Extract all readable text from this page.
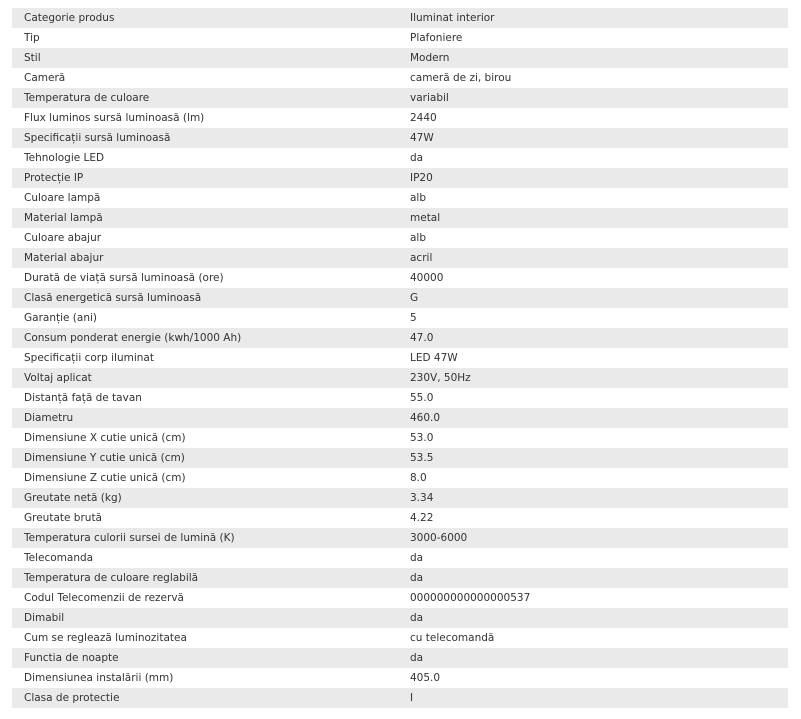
Categorie produs	Iluminat interior
Tip	Plafoniere
Stil	Modern
Cameră	cameră de zi, birou
Temperatura de culoare	variabil
Flux luminos sursă luminoasă (lm)	2440
Specificații sursă luminoasă	47W
Tehnologie LED	da
Protecție IP	IP20
Culoare lampă	alb
Material lampă	metal
Culoare abajur	alb
Material abajur	acril
Durată de viață sursă luminoasă (ore)	40000
Clasă energetică sursă luminoasă	G
Garanție (ani)	5
Consum ponderat energie (kwh/1000 Ah)	47.0
Specificații corp iluminat	LED 47W
Voltaj aplicat	230V, 50Hz
Distanță față de tavan	55.0
Diametru	460.0
Dimensiune X cutie unică (cm)	53.0
Dimensiune Y cutie unică (cm)	53.5
Dimensiune Z cutie unică (cm)	8.0
Greutate netă (kg)	3.34
Greutate brută	4.22
Temperatura culorii sursei de lumină (K)	3000-6000
Telecomanda	da
Temperatura de culoare reglabilă	da
Codul Telecomenzii de rezervă	000000000000000537
Dimabil	da
Cum se reglează luminozitatea	cu telecomandă
Functia de noapte	da
Dimensiunea instalării (mm)	405.0
Clasa de protectie	I
